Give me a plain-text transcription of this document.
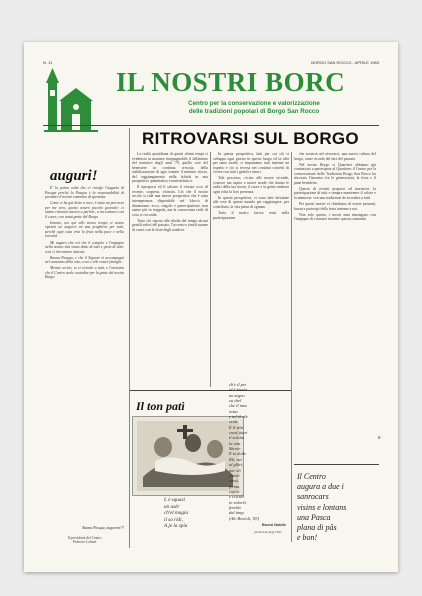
N. 11	BORGO SAN ROCCO - APRILE 1983
IL NOSTRI BORC
Centro per la conservazione e valorizzazione
delle tradizioni popolari di Borgo San Rocco
RITROVARSI SUL BORGO
auguri!

E' la prima volta che ci rivolgo l'augurio di Pasqua perché la Pasqua è la responsabilità di prendere il nostro cammino di speranza.

Come ci ha già detto a voce, è stato un percorso per me vero, questo nostro piccolo giornale: ci siamo ritrovati ancora a parlare, a raccontarci con il cuore, con tanta gente del Borgo.

Intanto, noi qui allo stesso tempo ci siamo ripetuti un augurio ed una preghiera per tutti, perché ogni casa viva la festa nella pace e nella serenità.

Mi auguro che voi che il compito e l'impegno nella nostra vita siano dono di tutti e gioia di tutti: così ci ritroviamo insieme.

Buona Pasqua, e che il Signore vi accompagni nel cammino della vita, a voi e alle vostre famiglie.

Mentre scrivo, io vi ricordo a tutti, e l'amicizia che il Centro vuole custodire per la gente del nostro Borgo.

Buona Pasqua, auguroni!!!
Il presidente del Centro
Federico Lelmet

La realtà quotidiana di questi ultimi tempi ci evidenzia in maniera inoppugnabile il fallimento del tentativo degli anni '70, quello cioè del benessere in continua crescita, della stabilizzazione di agio tramite il minimo sforzo, del raggiungimento nella felicità in una prospettiva quantitativa e materialistica.

Il riproporsi ed il salvare il vissuto ecco di recente, sorpresa, vicinata, Ciò che il nostro secolo si ridà una nuova prospettiva che è stata intemperanza disponibile nel blocco di dinamismo: ecco, singolo e partecipazione, non siamo più in trappola, ma la conoscenza reale di cosa ci circonda.

Tutto ciò riporta alla ribalta del tempo alcuni gentili valori del passato, l'accento e simili usanze di cuore con le feste degli studiosi.

In questa prospettiva, fatti per cui ciò si sviluppa ogni giorno in questo luogo ed in altri per tante strade, ci imponiamo tutti insieme un rispetto e ciò si riversa nei continui concetti di vivere con tutti i gentili e amici.

Tale processo, vicino alle nostre vicende, conosce ma aspira a nuove strade che danno le radici della tua storia; il cuore e la gente rendono ogni volta la loro presenza.

In questa prospettiva, vi sono idee destinate alle rose di questo mondo per raggiungere, per contributo, la vita piena di ognuno.

Tutto il nostro lavoro resta nella partecipazione.

che sosterrà nel ritrovarsi, una nuova cultura del borgo, come ricordo del fare del passato.

Nel nostro Borgo si Quartiere abbiamo già cominciato a partecipare al Quartiere; il Centro per la conservazione delle Tradizioni Borgo San Rocco ha ritrovato l'incontro fra le generazioni, la festa e il pane benedetto.

Questo di recenti proporsi ad iniziative, la partecipazione di tutti e sempre mantenere il colore e la memoria: con una tradizione da ricordare a tutti.

Per questi motivi vi chiediamo di essere presenti, buoni e partecipi della festa insieme a noi.

Non solo questo, i nostri anni rimangono con l'impegno di costruire insieme questa comunità.

R.
Il ton patì
L è squasi
un asèr
ch'el magia
il so ridi,
A je la spia
ch'e il pet
al è lassàt
un segno
su chel
che il mus
resta
e tal tô cûr
scuìt.
E il silzi
cussì fuart
il sclutia
la vita.
Sborie
E to doile
Rît, vui
al glôri,
par nô
resistì
cussì,
ferma.
cujete
e cricuèt
in valorèt
fevelàt
dal timp.
(Ale Bovioli, '83)
Bruno Nobile
(Zuèlut di Augri'Nè)
Il Centro
augura a due i
sanrocars
visins e lontans
una Pasca
plana di pâs
e bon!
